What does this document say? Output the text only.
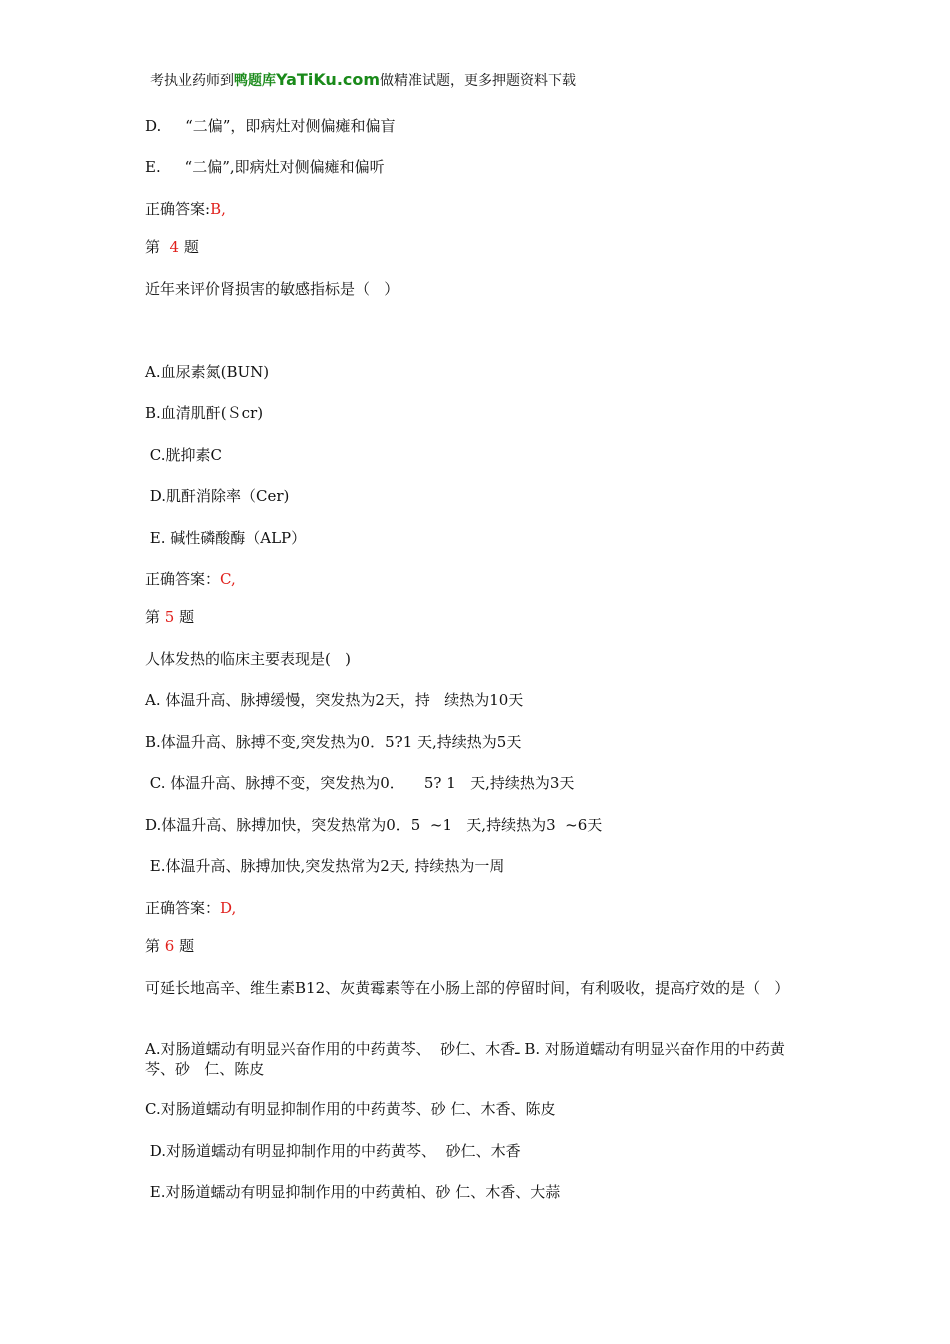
考执业药师到鸭题库YaTiKu.com做精准试题，更多押题资料下载
D.     “二偏”，即病灶对侧偏瘫和偏盲
E.     “二偏”,即病灶对侧偏瘫和偏听
正确答案:B,
第  4 题
近年来评价肾损害的敏感指标是（   ）
A.血尿素氮(BUN)
B.血清肌酐(Ｓcr)
C.胱抑素C
D.肌酐消除率（Cer)
E. 碱性磷酸酶（ALP）
正确答案：C,
第 5 题
人体发热的临床主要表现是(   )
A. 体温升高、脉搏缓慢，突发热为2天，持   续热为10天
B.体温升高、脉搏不变,突发热为0．5?1 天,持续热为5天
C. 体温升高、脉搏不变，突发热为0．    5? 1   天,持续热为3天
D.体温升高、脉搏加快，突发热常为0．5  ~1   天,持续热为3  ~6天
E.体温升高、脉搏加快,突发热常为2天, 持续热为一周
正确答案：D,
第 6 题
可延长地高辛、维生素B12、灰黄霉素等在小肠上部的停留时间，有利吸收，提高疗效的是（   ）
A.对肠道蠕动有明显兴奋作用的中药黄芩、  砂仁、木香ـ B. 对肠道蠕动有明显兴奋作用的中药黄芩、砂   仁、陈皮
C.对肠道蠕动有明显抑制作用的中药黄芩、砂 仁、木香、陈皮
D.对肠道蠕动有明显抑制作用的中药黄芩、  砂仁、木香
E.对肠道蠕动有明显抑制作用的中药黄柏、砂 仁、木香、大蒜
